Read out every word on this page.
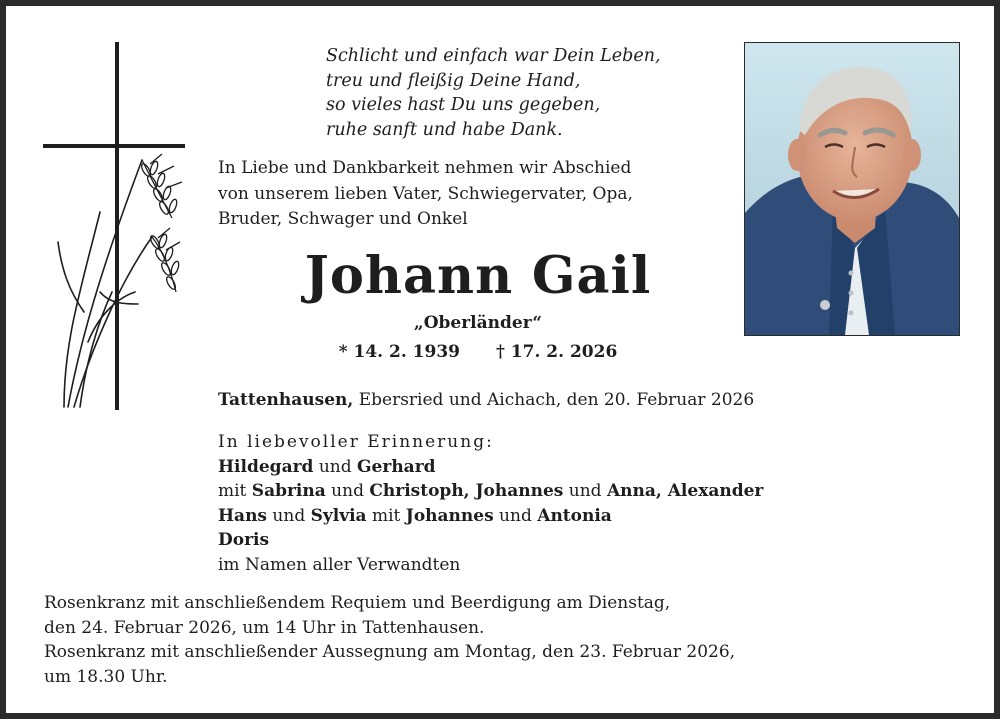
Schlicht und einfach war Dein Leben,
treu und fleißig Deine Hand,
so vieles hast Du uns gegeben,
ruhe sanft und habe Dank.
In Liebe und Dankbarkeit nehmen wir Abschied
von unserem lieben Vater, Schwiegervater, Opa,
Bruder, Schwager und Onkel
Johann Gail
„Oberländer“
* 14. 2. 1939 † 17. 2. 2026
Tattenhausen, Ebersried und Aichach, den 20. Februar 2026
In liebevoller Erinnerung:
Hildegard und Gerhard
mit Sabrina und Christoph, Johannes und Anna, Alexander
Hans und Sylvia mit Johannes und Antonia
Doris
im Namen aller Verwandten
Rosenkranz mit anschließendem Requiem und Beerdigung am Dienstag,
den 24. Februar 2026, um 14 Uhr in Tattenhausen.
Rosenkranz mit anschließender Aussegnung am Montag, den 23. Februar 2026,
um 18.30 Uhr.
